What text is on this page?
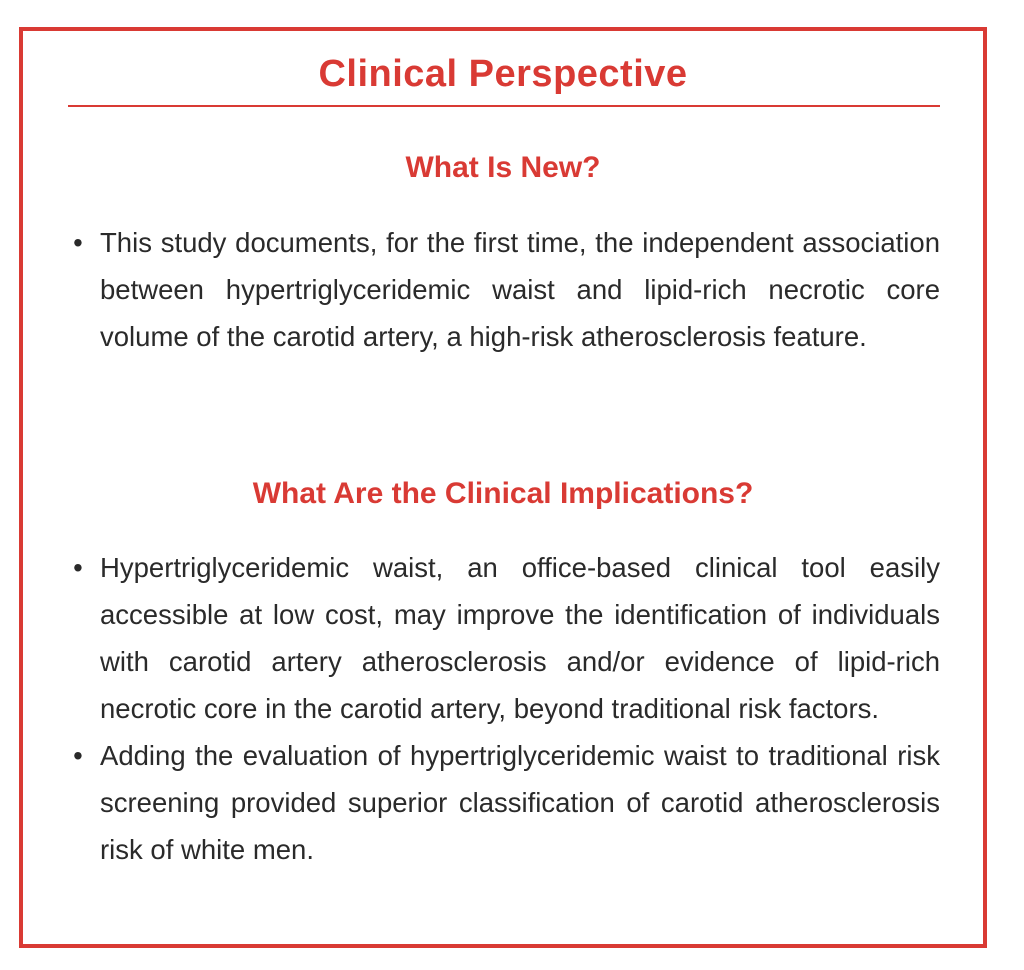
Clinical Perspective
What Is New?
• This study documents, for the first time, the independent association between hypertriglyceridemic waist and lipid-rich necrotic core volume of the carotid artery, a high-risk atherosclerosis feature.
What Are the Clinical Implications?
• Hypertriglyceridemic waist, an office-based clinical tool easily accessible at low cost, may improve the identification of individuals with carotid artery atherosclerosis and/or evidence of lipid-rich necrotic core in the carotid artery, beyond traditional risk factors.
• Adding the evaluation of hypertriglyceridemic waist to traditional risk screening provided superior classification of carotid atherosclerosis risk of white men.
